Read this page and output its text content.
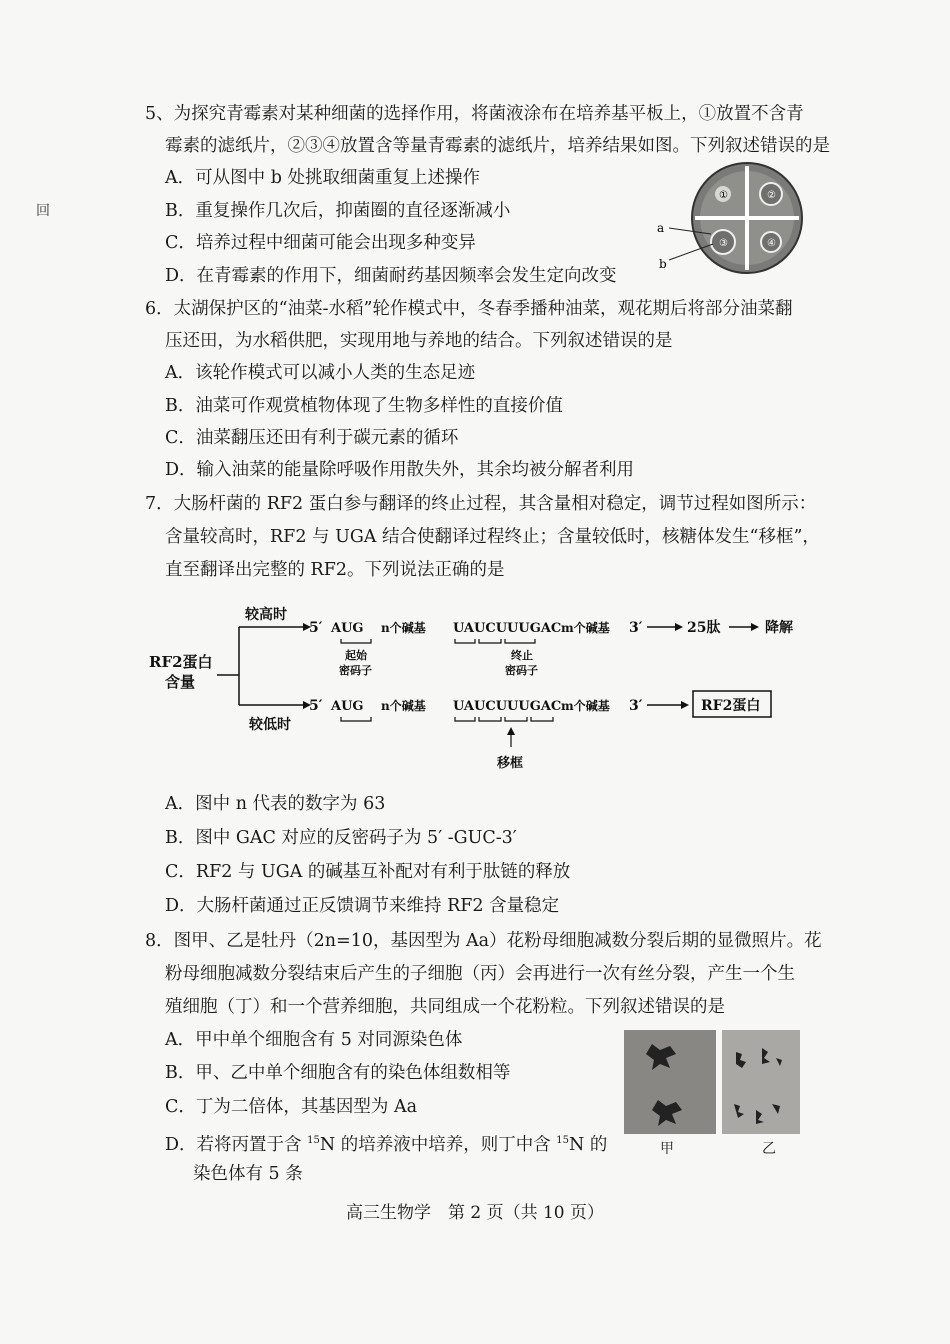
回
5、为探究青霉素对某种细菌的选择作用，将菌液涂布在培养基平板上，①放置不含青
霉素的滤纸片，②③④放置含等量青霉素的滤纸片，培养结果如图。下列叙述错误的是
A．可从图中 b 处挑取细菌重复上述操作
B．重复操作几次后，抑菌圈的直径逐渐减小
C．培养过程中细菌可能会出现多种变异
D．在青霉素的作用下，细菌耐药基因频率会发生定向改变
①	②
③	④
a
b
6．太湖保护区的“油菜-水稻”轮作模式中，冬春季播种油菜，观花期后将部分油菜翻
压还田，为水稻供肥，实现用地与养地的结合。下列叙述错误的是
A．该轮作模式可以减小人类的生态足迹
B．油菜可作观赏植物体现了生物多样性的直接价值
C．油菜翻压还田有利于碳元素的循环
D．输入油菜的能量除呼吸作用散失外，其余均被分解者利用
7．大肠杆菌的 RF2 蛋白参与翻译的终止过程，其含量相对稳定，调节过程如图所示：
含量较高时，RF2 与 UGA 结合使翻译过程终止；含量较低时，核糖体发生“移框”，
直至翻译出完整的 RF2。下列说法正确的是
RF2蛋白
含量
较高时
较低时
5′ AUG n个碱基 UAUCUUUGAC m个碱基 3′	25肽	降解
起始
密码子
终止
密码子
5′ AUG n个碱基 UAUCUUUGAC m个碱基 3′	RF2蛋白
移框
A．图中 n 代表的数字为 63
B．图中 GAC 对应的反密码子为 5′ -GUC-3′
C．RF2 与 UGA 的碱基互补配对有利于肽链的释放
D．大肠杆菌通过正反馈调节来维持 RF2 含量稳定
8．图甲、乙是牡丹（2n=10，基因型为 Aa）花粉母细胞减数分裂后期的显微照片。花
粉母细胞减数分裂结束后产生的子细胞（丙）会再进行一次有丝分裂，产生一个生
殖细胞（丁）和一个营养细胞，共同组成一个花粉粒。下列叙述错误的是
A．甲中单个细胞含有 5 对同源染色体
B．甲、乙中单个细胞含有的染色体组数相等
C．丁为二倍体，其基因型为 Aa
D．若将丙置于含 $^{15}$N 的培养液中培养，则丁中含 $^{15}$N 的
染色体有 5 条
甲	乙
高三生物学　第 2 页（共 10 页）
